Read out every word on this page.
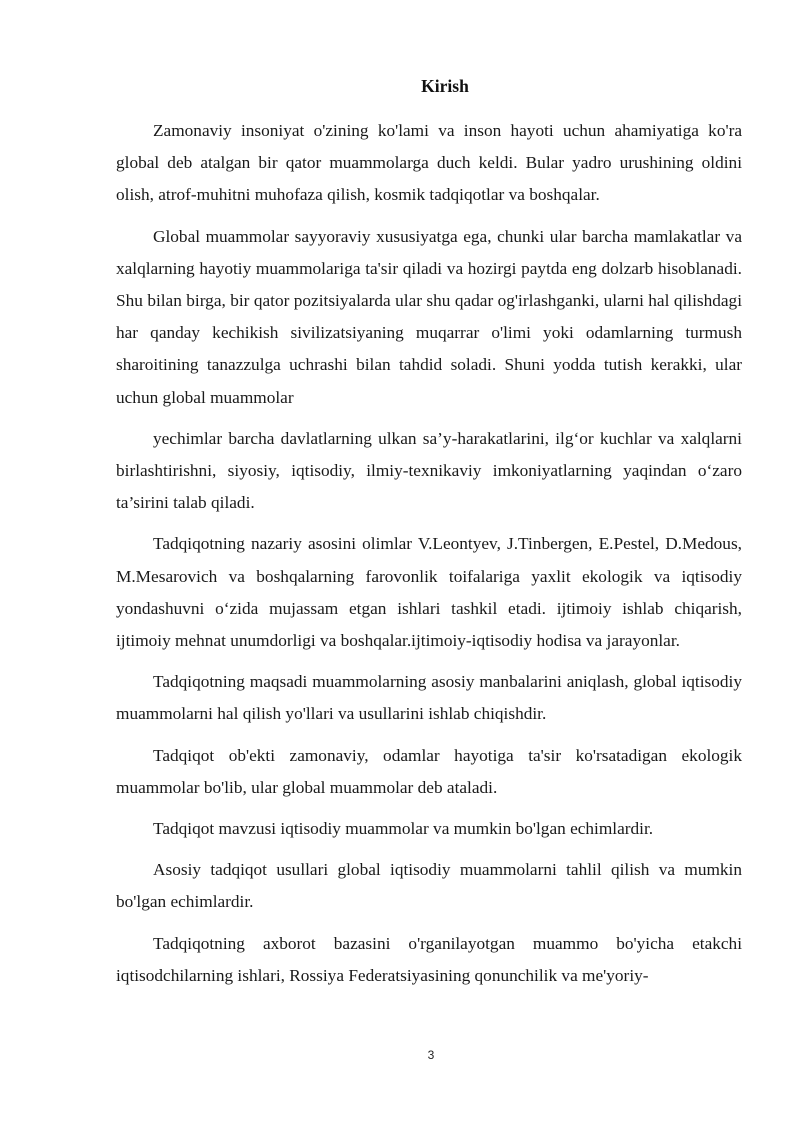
Kirish

Zamonaviy insoniyat o'zining ko'lami va inson hayoti uchun ahamiyatiga ko'ra global deb atalgan bir qator muammolarga duch keldi. Bular yadro urushining oldini olish, atrof-muhitni muhofaza qilish, kosmik tadqiqotlar va boshqalar.

Global muammolar sayyoraviy xususiyatga ega, chunki ular barcha mamlakatlar va xalqlarning hayotiy muammolariga ta'sir qiladi va hozirgi paytda eng dolzarb hisoblanadi. Shu bilan birga, bir qator pozitsiyalarda ular shu qadar og'irlashganki, ularni hal qilishdagi har qanday kechikish sivilizatsiyaning muqarrar o'limi yoki odamlarning turmush sharoitining tanazzulga uchrashi bilan tahdid soladi. Shuni yodda tutish kerakki, ular uchun global muammolar

yechimlar barcha davlatlarning ulkan sa’y-harakatlarini, ilg‘or kuchlar va xalqlarni birlashtirishni, siyosiy, iqtisodiy, ilmiy-texnikaviy imkoniyatlarning yaqindan o‘zaro ta’sirini talab qiladi.

Tadqiqotning nazariy asosini olimlar V.Leontyev, J.Tinbergen, E.Pestel, D.Medous, M.Mesarovich va boshqalarning farovonlik toifalariga yaxlit ekologik va iqtisodiy yondashuvni o‘zida mujassam etgan ishlari tashkil etadi. ijtimoiy ishlab chiqarish, ijtimoiy mehnat unumdorligi va boshqalar.ijtimoiy-iqtisodiy hodisa va jarayonlar.

Tadqiqotning maqsadi muammolarning asosiy manbalarini aniqlash, global iqtisodiy muammolarni hal qilish yo'llari va usullarini ishlab chiqishdir.

Tadqiqot ob'ekti zamonaviy, odamlar hayotiga ta'sir ko'rsatadigan ekologik muammolar bo'lib, ular global muammolar deb ataladi.

Tadqiqot mavzusi iqtisodiy muammolar va mumkin bo'lgan echimlardir.

Asosiy tadqiqot usullari global iqtisodiy muammolarni tahlil qilish va mumkin bo'lgan echimlardir.

Tadqiqotning axborot bazasini o'rganilayotgan muammo bo'yicha etakchi iqtisodchilarning ishlari, Rossiya Federatsiyasining qonunchilik va me'yoriy-

3
